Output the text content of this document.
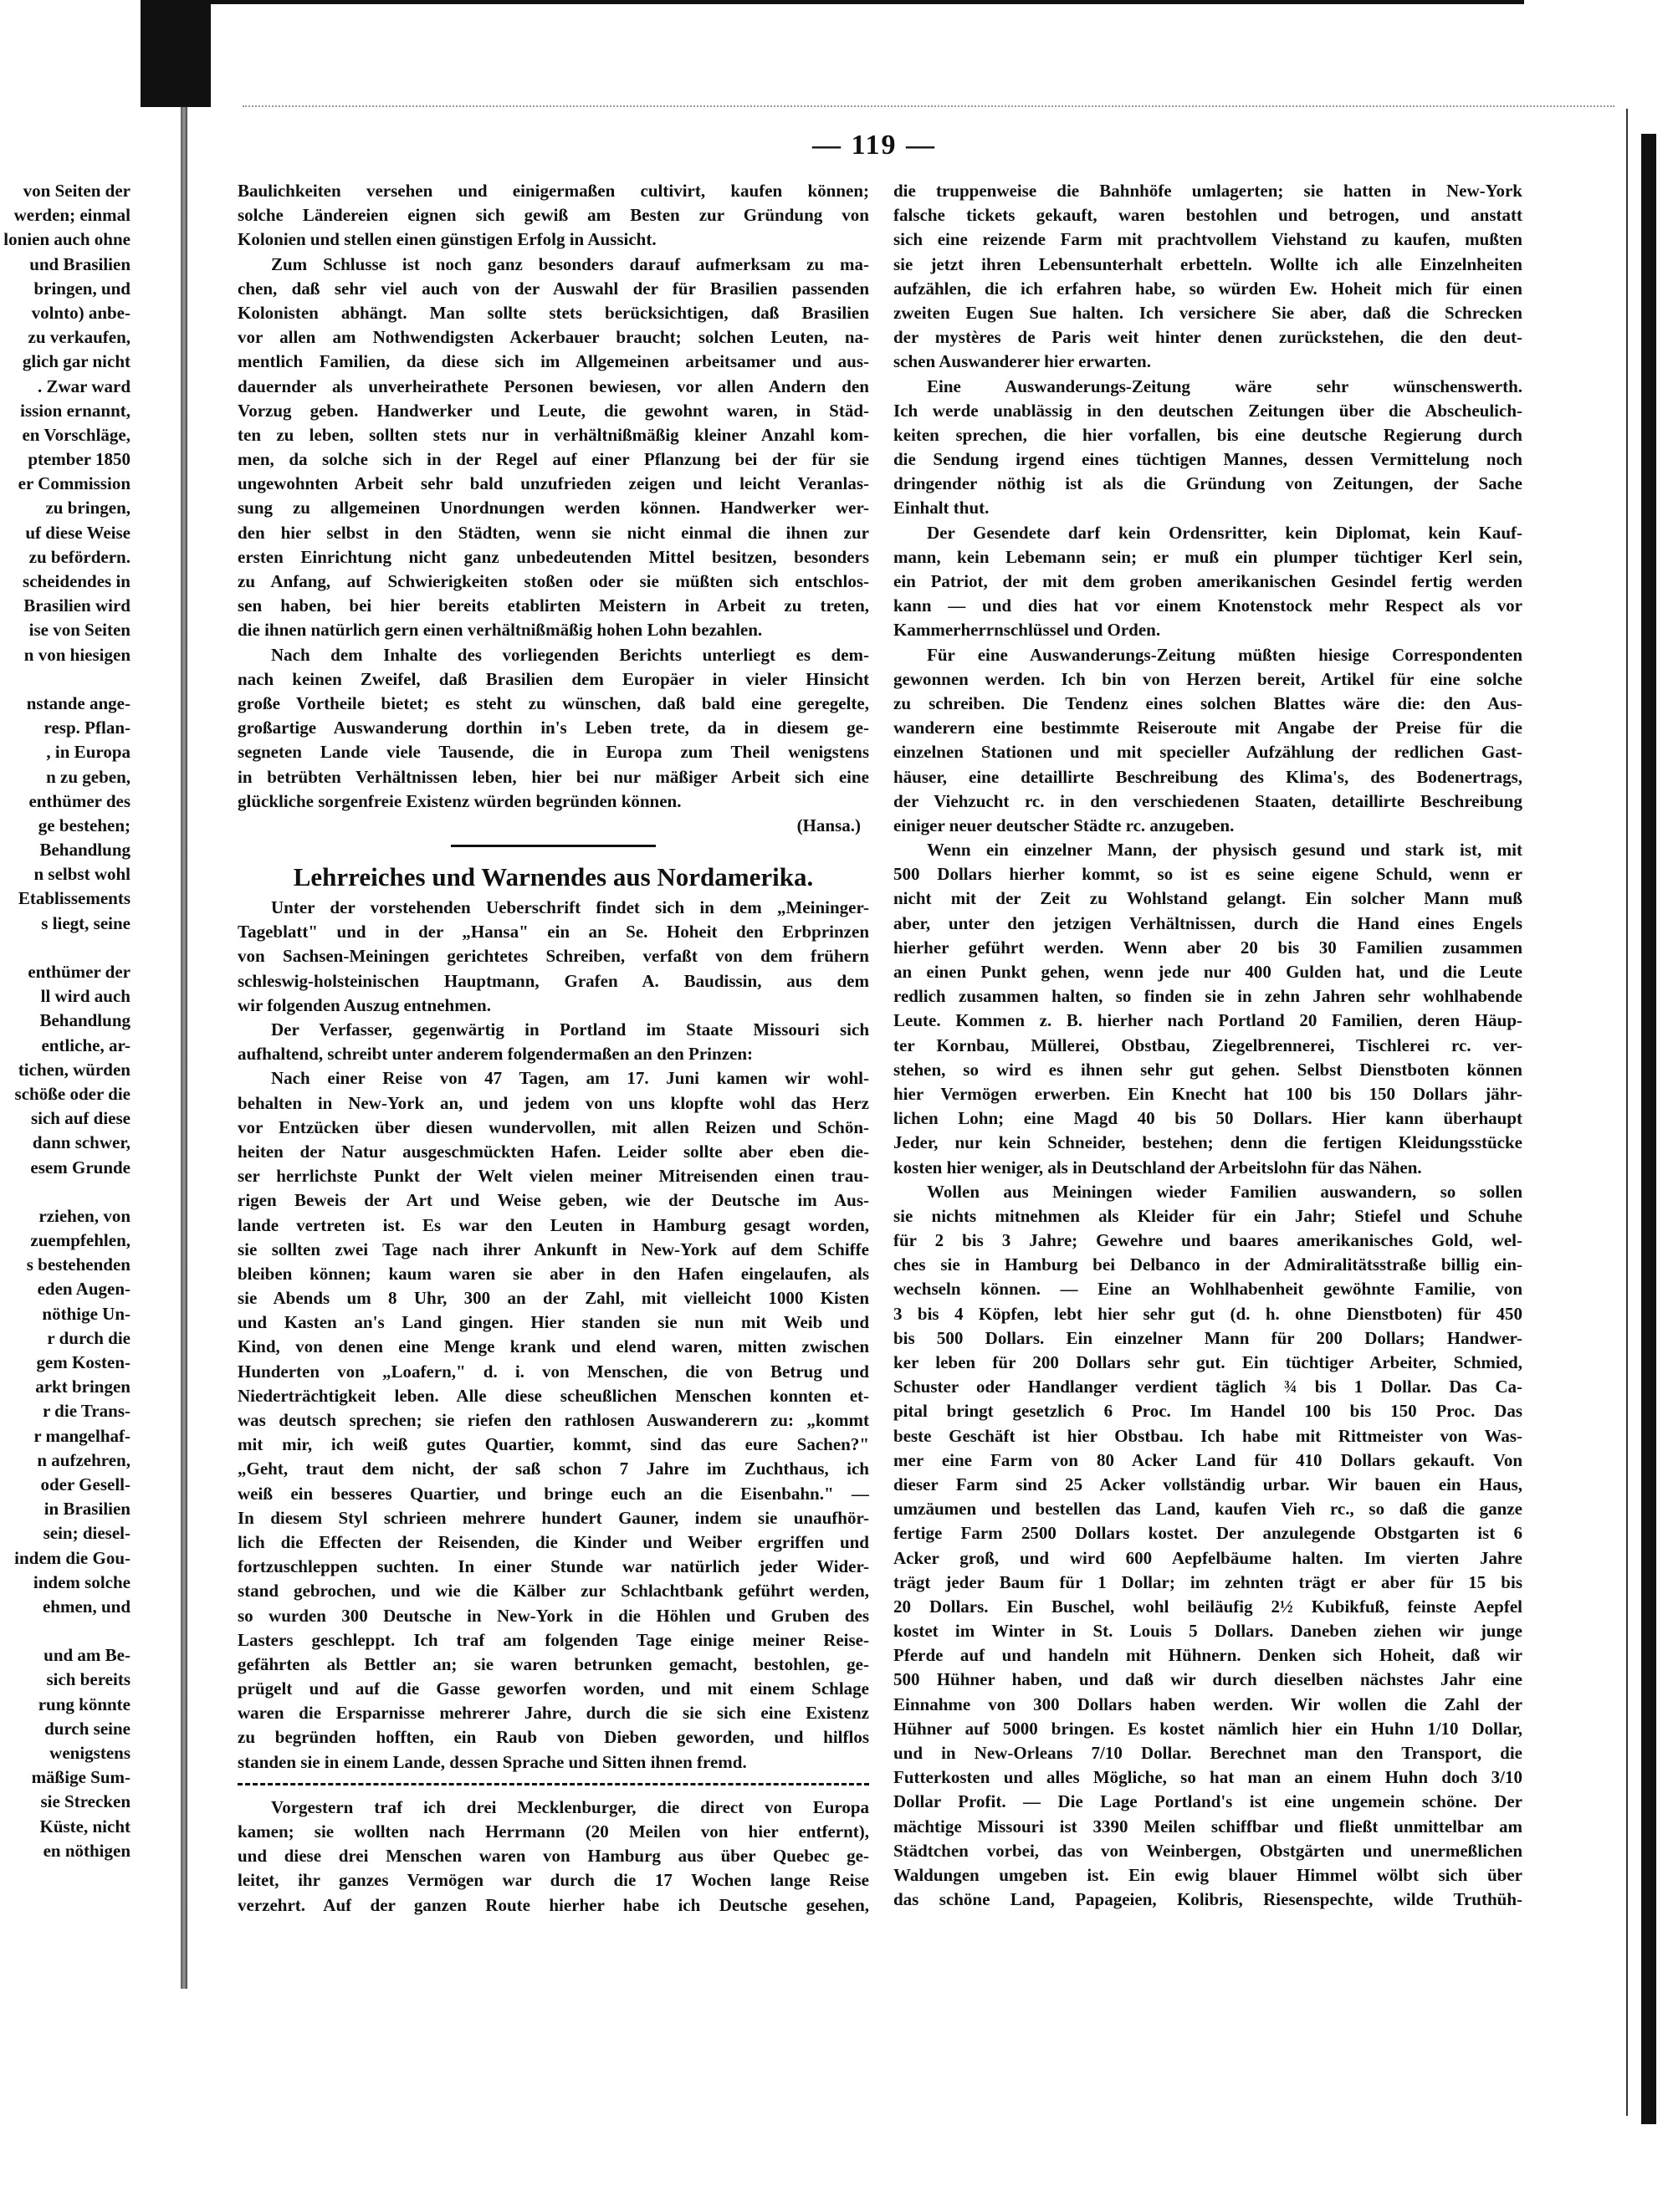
— 119 —
von Seiten der
werden; einmal
lonien auch ohne
und Brasilien
bringen, und
volnto) anbe-
zu verkaufen,
glich gar nicht
. Zwar ward
ission ernannt,
en Vorschläge,
ptember 1850
er Commission
zu bringen,
uf diese Weise
zu befördern.
scheidendes in
Brasilien wird
ise von Seiten
n von hiesigen
nstande ange-
resp. Pflan-
, in Europa
n zu geben,
enthümer des
ge bestehen;
Behandlung
n selbst wohl
Etablissements
s liegt, seine
enthümer der
ll wird auch
Behandlung
entliche, ar-
tichen, würden
schöße oder die
sich auf diese
dann schwer,
esem Grunde
rziehen, von
zuempfehlen,
s bestehenden
eden Augen-
nöthige Un-
r durch die
gem Kosten-
arkt bringen
r die Trans-
r mangelhaf-
n aufzehren,
oder Gesell-
in Brasilien
sein; diesel-
indem die Gou-
indem solche
ehmen, und
und am Be-
sich bereits
rung könnte
durch seine
wenigstens
mäßige Sum-
sie Strecken
Küste, nicht
en nöthigen
Baulichkeiten versehen und einigermaßen cultivirt, kaufen können;
solche Ländereien eignen sich gewiß am Besten zur Gründung von
Kolonien und stellen einen günstigen Erfolg in Aussicht.
Zum Schlusse ist noch ganz besonders darauf aufmerksam zu ma-
chen, daß sehr viel auch von der Auswahl der für Brasilien passenden
Kolonisten abhängt. Man sollte stets berücksichtigen, daß Brasilien
vor allen am Nothwendigsten Ackerbauer braucht; solchen Leuten, na-
mentlich Familien, da diese sich im Allgemeinen arbeitsamer und aus-
dauernder als unverheirathete Personen bewiesen, vor allen Andern den
Vorzug geben. Handwerker und Leute, die gewohnt waren, in Städ-
ten zu leben, sollten stets nur in verhältnißmäßig kleiner Anzahl kom-
men, da solche sich in der Regel auf einer Pflanzung bei der für sie
ungewohnten Arbeit sehr bald unzufrieden zeigen und leicht Veranlas-
sung zu allgemeinen Unordnungen werden können. Handwerker wer-
den hier selbst in den Städten, wenn sie nicht einmal die ihnen zur
ersten Einrichtung nicht ganz unbedeutenden Mittel besitzen, besonders
zu Anfang, auf Schwierigkeiten stoßen oder sie müßten sich entschlos-
sen haben, bei hier bereits etablirten Meistern in Arbeit zu treten,
die ihnen natürlich gern einen verhältnißmäßig hohen Lohn bezahlen.
Nach dem Inhalte des vorliegenden Berichts unterliegt es dem-
nach keinen Zweifel, daß Brasilien dem Europäer in vieler Hinsicht
große Vortheile bietet; es steht zu wünschen, daß bald eine geregelte,
großartige Auswanderung dorthin in's Leben trete, da in diesem ge-
segneten Lande viele Tausende, die in Europa zum Theil wenigstens
in betrübten Verhältnissen leben, hier bei nur mäßiger Arbeit sich eine
glückliche sorgenfreie Existenz würden begründen können.
(Hansa.)
Lehrreiches und Warnendes aus Nordamerika.
Unter der vorstehenden Ueberschrift findet sich in dem „Meininger-
Tageblatt" und in der „Hansa" ein an Se. Hoheit den Erbprinzen
von Sachsen-Meiningen gerichtetes Schreiben, verfaßt von dem frühern
schleswig-holsteinischen Hauptmann, Grafen A. Baudissin, aus dem
wir folgenden Auszug entnehmen.
Der Verfasser, gegenwärtig in Portland im Staate Missouri sich
aufhaltend, schreibt unter anderem folgendermaßen an den Prinzen:
Nach einer Reise von 47 Tagen, am 17. Juni kamen wir wohl-
behalten in New-York an, und jedem von uns klopfte wohl das Herz
vor Entzücken über diesen wundervollen, mit allen Reizen und Schön-
heiten der Natur ausgeschmückten Hafen. Leider sollte aber eben die-
ser herrlichste Punkt der Welt vielen meiner Mitreisenden einen trau-
rigen Beweis der Art und Weise geben, wie der Deutsche im Aus-
lande vertreten ist. Es war den Leuten in Hamburg gesagt worden,
sie sollten zwei Tage nach ihrer Ankunft in New-York auf dem Schiffe
bleiben können; kaum waren sie aber in den Hafen eingelaufen, als
sie Abends um 8 Uhr, 300 an der Zahl, mit vielleicht 1000 Kisten
und Kasten an's Land gingen. Hier standen sie nun mit Weib und
Kind, von denen eine Menge krank und elend waren, mitten zwischen
Hunderten von „Loafern," d. i. von Menschen, die von Betrug und
Niederträchtigkeit leben. Alle diese scheußlichen Menschen konnten et-
was deutsch sprechen; sie riefen den rathlosen Auswanderern zu: „kommt
mit mir, ich weiß gutes Quartier, kommt, sind das eure Sachen?"
„Geht, traut dem nicht, der saß schon 7 Jahre im Zuchthaus, ich
weiß ein besseres Quartier, und bringe euch an die Eisenbahn." —
In diesem Styl schrieen mehrere hundert Gauner, indem sie unaufhör-
lich die Effecten der Reisenden, die Kinder und Weiber ergriffen und
fortzuschleppen suchten. In einer Stunde war natürlich jeder Wider-
stand gebrochen, und wie die Kälber zur Schlachtbank geführt werden,
so wurden 300 Deutsche in New-York in die Höhlen und Gruben des
Lasters geschleppt. Ich traf am folgenden Tage einige meiner Reise-
gefährten als Bettler an; sie waren betrunken gemacht, bestohlen, ge-
prügelt und auf die Gasse geworfen worden, und mit einem Schlage
waren die Ersparnisse mehrerer Jahre, durch die sie sich eine Existenz
zu begründen hofften, ein Raub von Dieben geworden, und hilflos
standen sie in einem Lande, dessen Sprache und Sitten ihnen fremd.
Vorgestern traf ich drei Mecklenburger, die direct von Europa
kamen; sie wollten nach Herrmann (20 Meilen von hier entfernt),
und diese drei Menschen waren von Hamburg aus über Quebec ge-
leitet, ihr ganzes Vermögen war durch die 17 Wochen lange Reise
verzehrt. Auf der ganzen Route hierher habe ich Deutsche gesehen,
die truppenweise die Bahnhöfe umlagerten; sie hatten in New-York
falsche tickets gekauft, waren bestohlen und betrogen, und anstatt
sich eine reizende Farm mit prachtvollem Viehstand zu kaufen, mußten
sie jetzt ihren Lebensunterhalt erbetteln. Wollte ich alle Einzelnheiten
aufzählen, die ich erfahren habe, so würden Ew. Hoheit mich für einen
zweiten Eugen Sue halten. Ich versichere Sie aber, daß die Schrecken
der mystères de Paris weit hinter denen zurückstehen, die den deut-
schen Auswanderer hier erwarten.
Eine Auswanderungs-Zeitung wäre sehr wünschenswerth.
Ich werde unablässig in den deutschen Zeitungen über die Abscheulich-
keiten sprechen, die hier vorfallen, bis eine deutsche Regierung durch
die Sendung irgend eines tüchtigen Mannes, dessen Vermittelung noch
dringender nöthig ist als die Gründung von Zeitungen, der Sache
Einhalt thut.
Der Gesendete darf kein Ordensritter, kein Diplomat, kein Kauf-
mann, kein Lebemann sein; er muß ein plumper tüchtiger Kerl sein,
ein Patriot, der mit dem groben amerikanischen Gesindel fertig werden
kann — und dies hat vor einem Knotenstock mehr Respect als vor
Kammerherrnschlüssel und Orden.
Für eine Auswanderungs-Zeitung müßten hiesige Correspondenten
gewonnen werden. Ich bin von Herzen bereit, Artikel für eine solche
zu schreiben. Die Tendenz eines solchen Blattes wäre die: den Aus-
wanderern eine bestimmte Reiseroute mit Angabe der Preise für die
einzelnen Stationen und mit specieller Aufzählung der redlichen Gast-
häuser, eine detaillirte Beschreibung des Klima's, des Bodenertrags,
der Viehzucht rc. in den verschiedenen Staaten, detaillirte Beschreibung
einiger neuer deutscher Städte rc. anzugeben.
Wenn ein einzelner Mann, der physisch gesund und stark ist, mit
500 Dollars hierher kommt, so ist es seine eigene Schuld, wenn er
nicht mit der Zeit zu Wohlstand gelangt. Ein solcher Mann muß
aber, unter den jetzigen Verhältnissen, durch die Hand eines Engels
hierher geführt werden. Wenn aber 20 bis 30 Familien zusammen
an einen Punkt gehen, wenn jede nur 400 Gulden hat, und die Leute
redlich zusammen halten, so finden sie in zehn Jahren sehr wohlhabende
Leute. Kommen z. B. hierher nach Portland 20 Familien, deren Häup-
ter Kornbau, Müllerei, Obstbau, Ziegelbrennerei, Tischlerei rc. ver-
stehen, so wird es ihnen sehr gut gehen. Selbst Dienstboten können
hier Vermögen erwerben. Ein Knecht hat 100 bis 150 Dollars jähr-
lichen Lohn; eine Magd 40 bis 50 Dollars. Hier kann überhaupt
Jeder, nur kein Schneider, bestehen; denn die fertigen Kleidungsstücke
kosten hier weniger, als in Deutschland der Arbeitslohn für das Nähen.
Wollen aus Meiningen wieder Familien auswandern, so sollen
sie nichts mitnehmen als Kleider für ein Jahr; Stiefel und Schuhe
für 2 bis 3 Jahre; Gewehre und baares amerikanisches Gold, wel-
ches sie in Hamburg bei Delbanco in der Admiralitätsstraße billig ein-
wechseln können. — Eine an Wohlhabenheit gewöhnte Familie, von
3 bis 4 Köpfen, lebt hier sehr gut (d. h. ohne Dienstboten) für 450
bis 500 Dollars. Ein einzelner Mann für 200 Dollars; Handwer-
ker leben für 200 Dollars sehr gut. Ein tüchtiger Arbeiter, Schmied,
Schuster oder Handlanger verdient täglich ¾ bis 1 Dollar. Das Ca-
pital bringt gesetzlich 6 Proc. Im Handel 100 bis 150 Proc. Das
beste Geschäft ist hier Obstbau. Ich habe mit Rittmeister von Was-
mer eine Farm von 80 Acker Land für 410 Dollars gekauft. Von
dieser Farm sind 25 Acker vollständig urbar. Wir bauen ein Haus,
umzäumen und bestellen das Land, kaufen Vieh rc., so daß die ganze
fertige Farm 2500 Dollars kostet. Der anzulegende Obstgarten ist 6
Acker groß, und wird 600 Aepfelbäume halten. Im vierten Jahre
trägt jeder Baum für 1 Dollar; im zehnten trägt er aber für 15 bis
20 Dollars. Ein Buschel, wohl beiläufig 2½ Kubikfuß, feinste Aepfel
kostet im Winter in St. Louis 5 Dollars. Daneben ziehen wir junge
Pferde auf und handeln mit Hühnern. Denken sich Hoheit, daß wir
500 Hühner haben, und daß wir durch dieselben nächstes Jahr eine
Einnahme von 300 Dollars haben werden. Wir wollen die Zahl der
Hühner auf 5000 bringen. Es kostet nämlich hier ein Huhn 1/10 Dollar,
und in New-Orleans 7/10 Dollar. Berechnet man den Transport, die
Futterkosten und alles Mögliche, so hat man an einem Huhn doch 3/10
Dollar Profit. — Die Lage Portland's ist eine ungemein schöne. Der
mächtige Missouri ist 3390 Meilen schiffbar und fließt unmittelbar am
Städtchen vorbei, das von Weinbergen, Obstgärten und unermeßlichen
Waldungen umgeben ist. Ein ewig blauer Himmel wölbt sich über
das schöne Land, Papageien, Kolibris, Riesenspechte, wilde Truthüh-
